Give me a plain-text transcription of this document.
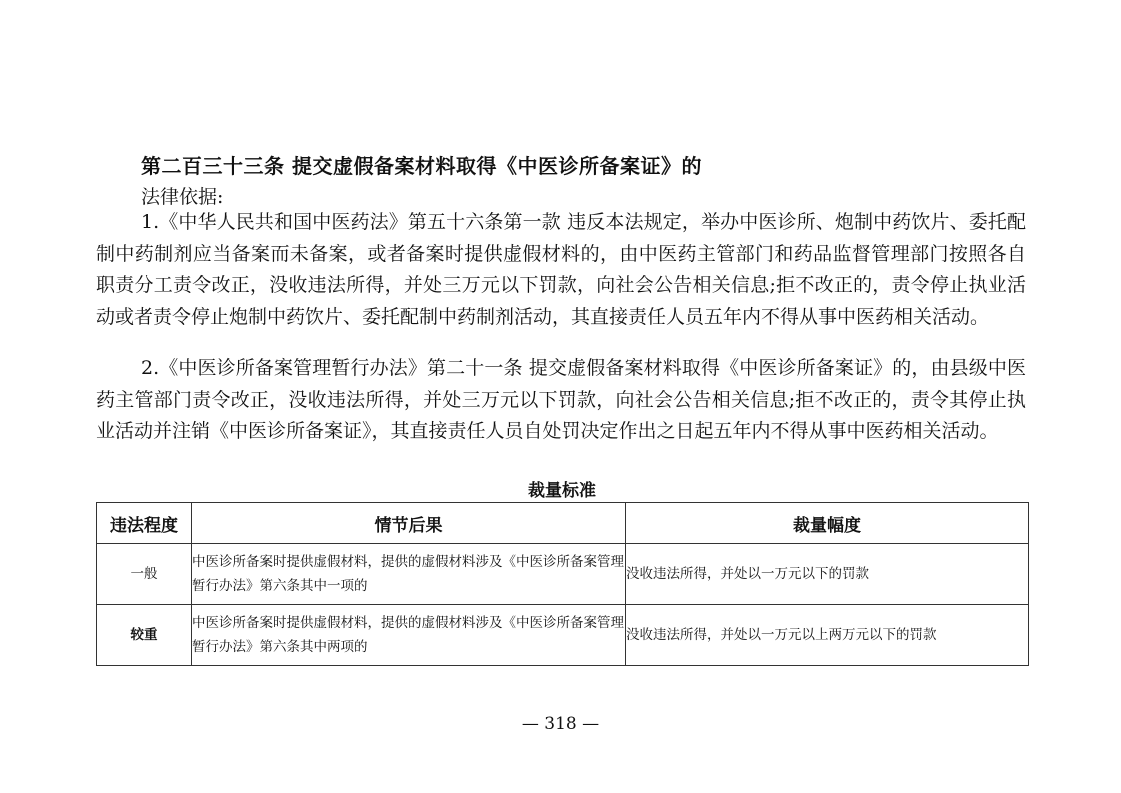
第二百三十三条 提交虚假备案材料取得《中医诊所备案证》的
法律依据:
1.《中华人民共和国中医药法》第五十六条第一款 违反本法规定，举办中医诊所、炮制中药饮片、委托配制中药制剂应当备案而未备案，或者备案时提供虚假材料的，由中医药主管部门和药品监督管理部门按照各自职责分工责令改正，没收违法所得，并处三万元以下罚款，向社会公告相关信息;拒不改正的，责令停止执业活动或者责令停止炮制中药饮片、委托配制中药制剂活动，其直接责任人员五年内不得从事中医药相关活动。
2.《中医诊所备案管理暂行办法》第二十一条 提交虚假备案材料取得《中医诊所备案证》的，由县级中医药主管部门责令改正，没收违法所得，并处三万元以下罚款，向社会公告相关信息;拒不改正的，责令其停止执业活动并注销《中医诊所备案证》，其直接责任人员自处罚决定作出之日起五年内不得从事中医药相关活动。
裁量标准
违法程度	情节后果	裁量幅度
一般	中医诊所备案时提供虚假材料，提供的虚假材料涉及《中医诊所备案管理暂行办法》第六条其中一项的	没收违法所得，并处以一万元以下的罚款
较重	中医诊所备案时提供虚假材料，提供的虚假材料涉及《中医诊所备案管理暂行办法》第六条其中两项的	没收违法所得，并处以一万元以上两万元以下的罚款
— 318 —
